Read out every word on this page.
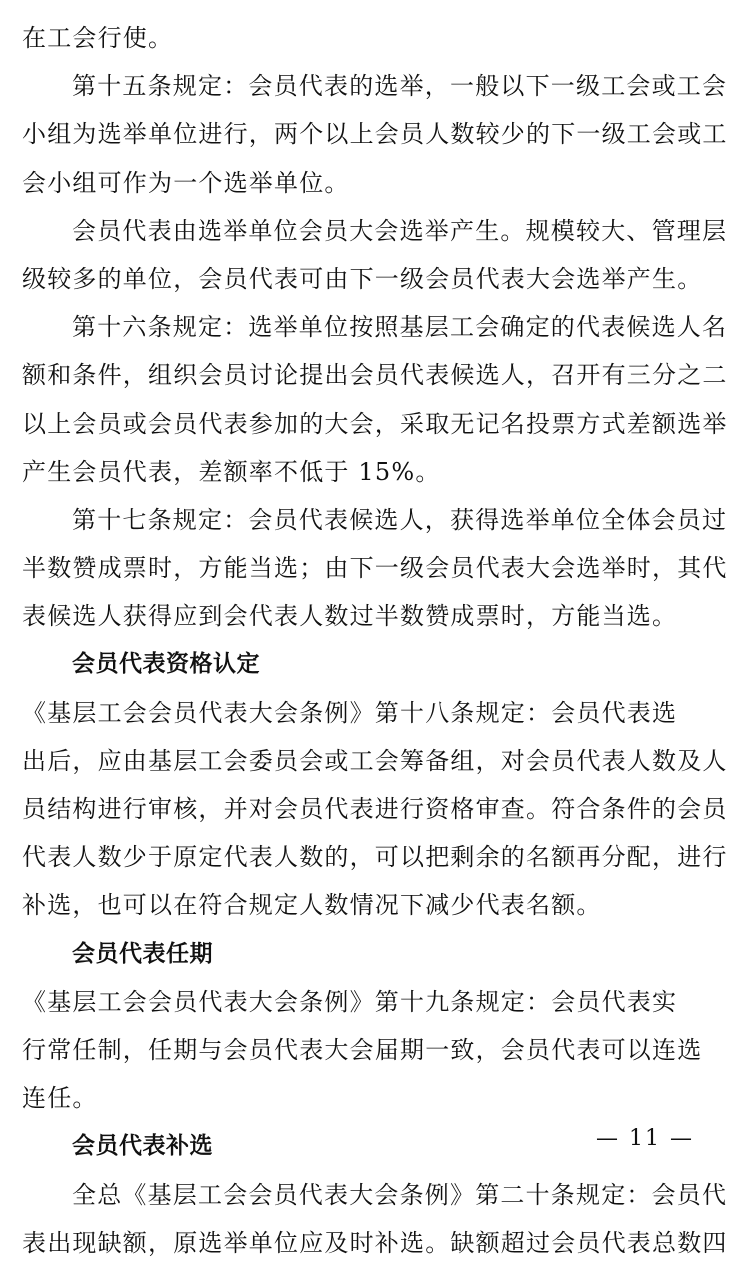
在工会行使。
第十五条规定：会员代表的选举，一般以下一级工会或工会
小组为选举单位进行，两个以上会员人数较少的下一级工会或工
会小组可作为一个选举单位。
会员代表由选举单位会员大会选举产生。规模较大、管理层
级较多的单位，会员代表可由下一级会员代表大会选举产生。
第十六条规定：选举单位按照基层工会确定的代表候选人名
额和条件，组织会员讨论提出会员代表候选人，召开有三分之二
以上会员或会员代表参加的大会，采取无记名投票方式差额选举
产生会员代表，差额率不低于 15%。
第十七条规定：会员代表候选人，获得选举单位全体会员过
半数赞成票时，方能当选；由下一级会员代表大会选举时，其代
表候选人获得应到会代表人数过半数赞成票时，方能当选。
会员代表资格认定
《基层工会会员代表大会条例》第十八条规定：会员代表选
出后，应由基层工会委员会或工会筹备组，对会员代表人数及人
员结构进行审核，并对会员代表进行资格审查。符合条件的会员
代表人数少于原定代表人数的，可以把剩余的名额再分配，进行
补选，也可以在符合规定人数情况下减少代表名额。
会员代表任期
《基层工会会员代表大会条例》第十九条规定：会员代表实
行常任制，任期与会员代表大会届期一致，会员代表可以连选
连任。
会员代表补选
全总《基层工会会员代表大会条例》第二十条规定：会员代
表出现缺额，原选举单位应及时补选。缺额超过会员代表总数四
— 11 —
